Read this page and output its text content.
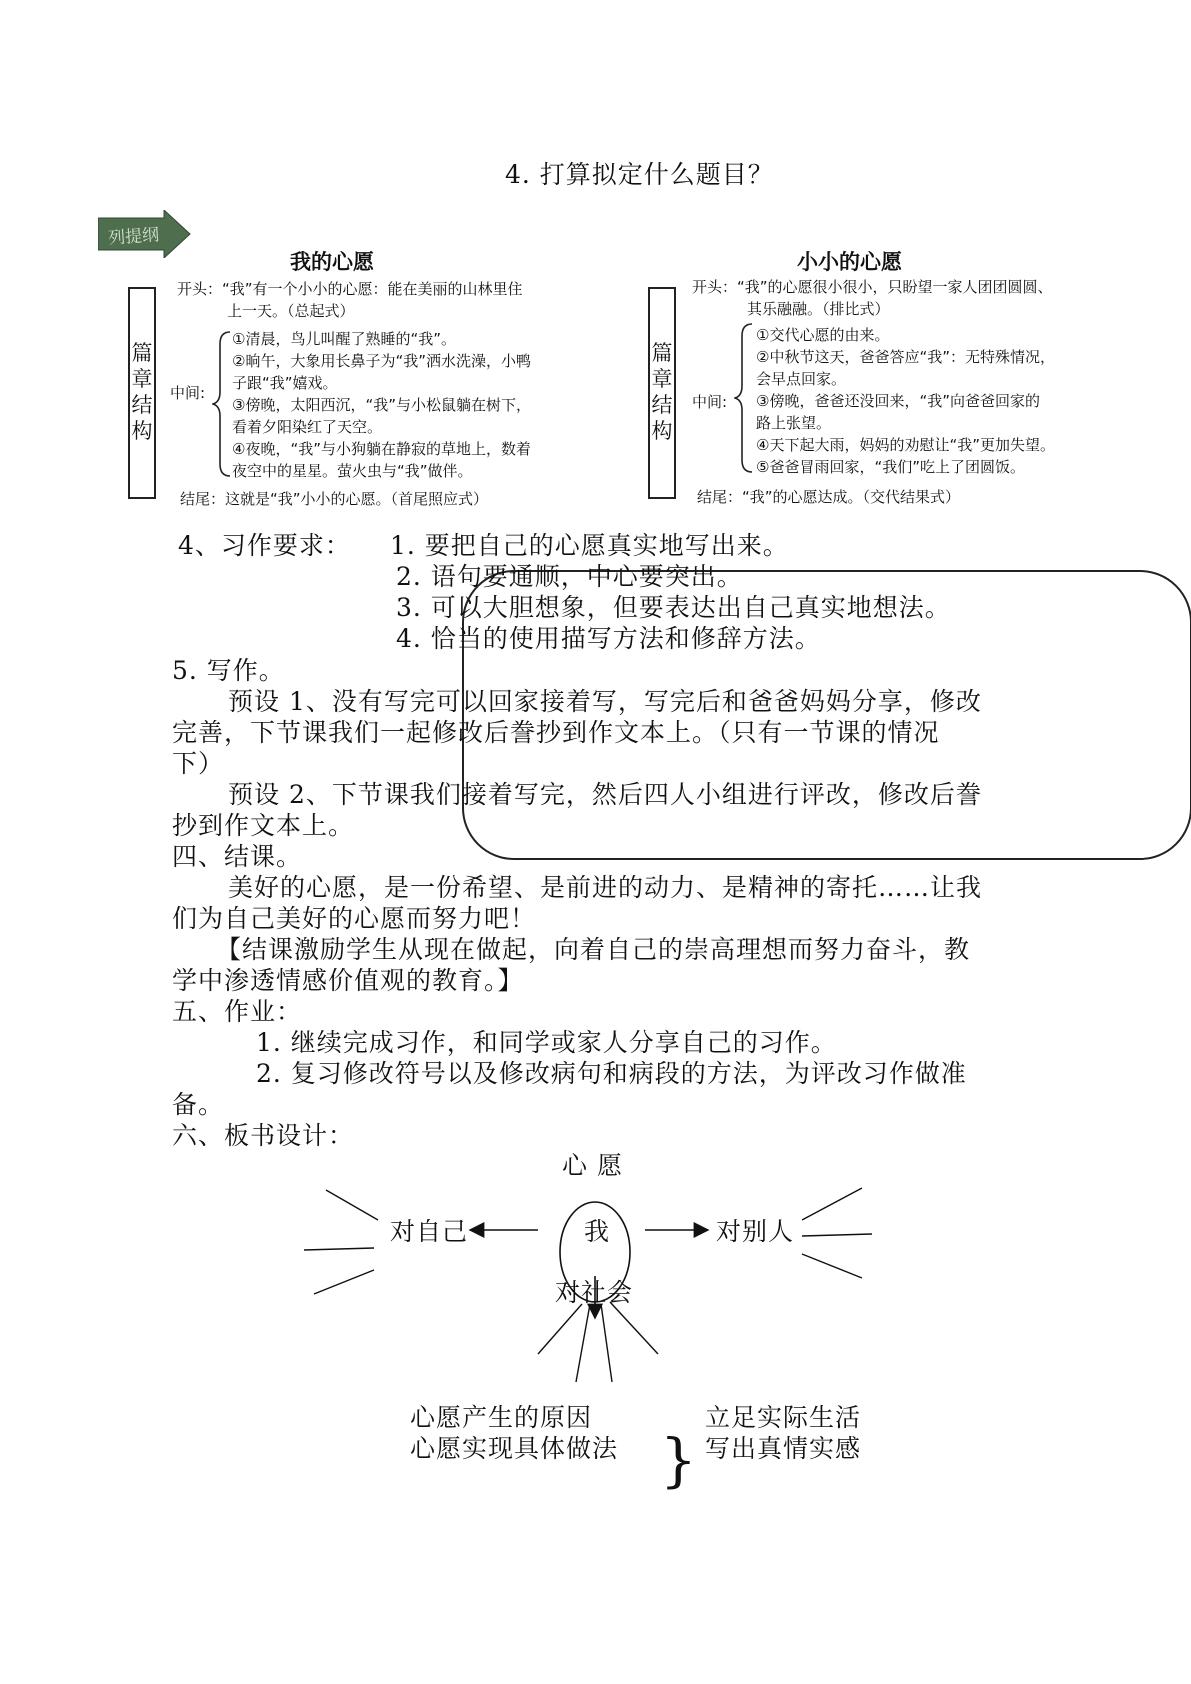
4. 打算拟定什么题目？
列提纲
我的心愿
篇
章
结
构
开头：“我”有一个小小的心愿：能在美丽的山林里住
上一天。（总起式）
中间:
①清晨，鸟儿叫醒了熟睡的“我”。
②晌午，大象用长鼻子为“我”洒水洗澡，小鸭
子跟“我”嬉戏。
③傍晚，太阳西沉，“我”与小松鼠躺在树下，
看着夕阳染红了天空。
④夜晚，“我”与小狗躺在静寂的草地上，数着
夜空中的星星。萤火虫与“我”做伴。
结尾：这就是“我”小小的心愿。（首尾照应式）
小小的心愿
篇
章
结
构
开头：“我”的心愿很小很小，只盼望一家人团团圆圆、
其乐融融。（排比式）
中间:
①交代心愿的由来。
②中秋节这天，爸爸答应“我”：无特殊情况，
会早点回家。
③傍晚，爸爸还没回来，“我”向爸爸回家的
路上张望。
④天下起大雨，妈妈的劝慰让“我”更加失望。
⑤爸爸冒雨回家，“我们”吃上了团圆饭。
结尾：“我”的心愿达成。（交代结果式）
4、习作要求： 1. 要把自己的心愿真实地写出来。
2. 语句要通顺，中心要突出。
3. 可以大胆想象，但要表达出自己真实地想法。
4. 恰当的使用描写方法和修辞方法。
5. 写作。
预设 1、没有写完可以回家接着写，写完后和爸爸妈妈分享，修改
完善，下节课我们一起修改后誊抄到作文本上。（只有一节课的情况
下）
预设 2、下节课我们接着写完，然后四人小组进行评改，修改后誊
抄到作文本上。
四、结课。
美好的心愿，是一份希望、是前进的动力、是精神的寄托……让我
们为自己美好的心愿而努力吧！
【结课激励学生从现在做起，向着自己的崇高理想而努力奋斗，教
学中渗透情感价值观的教育。】
五、作业：
1. 继续完成习作，和同学或家人分享自己的习作。
2. 复习修改符号以及修改病句和病段的方法，为评改习作做准
备。
六、板书设计：
心 愿
我
对自己	对别人
对社会
心愿产生的原因
心愿实现具体做法 }
立足实际生活
写出真情实感
